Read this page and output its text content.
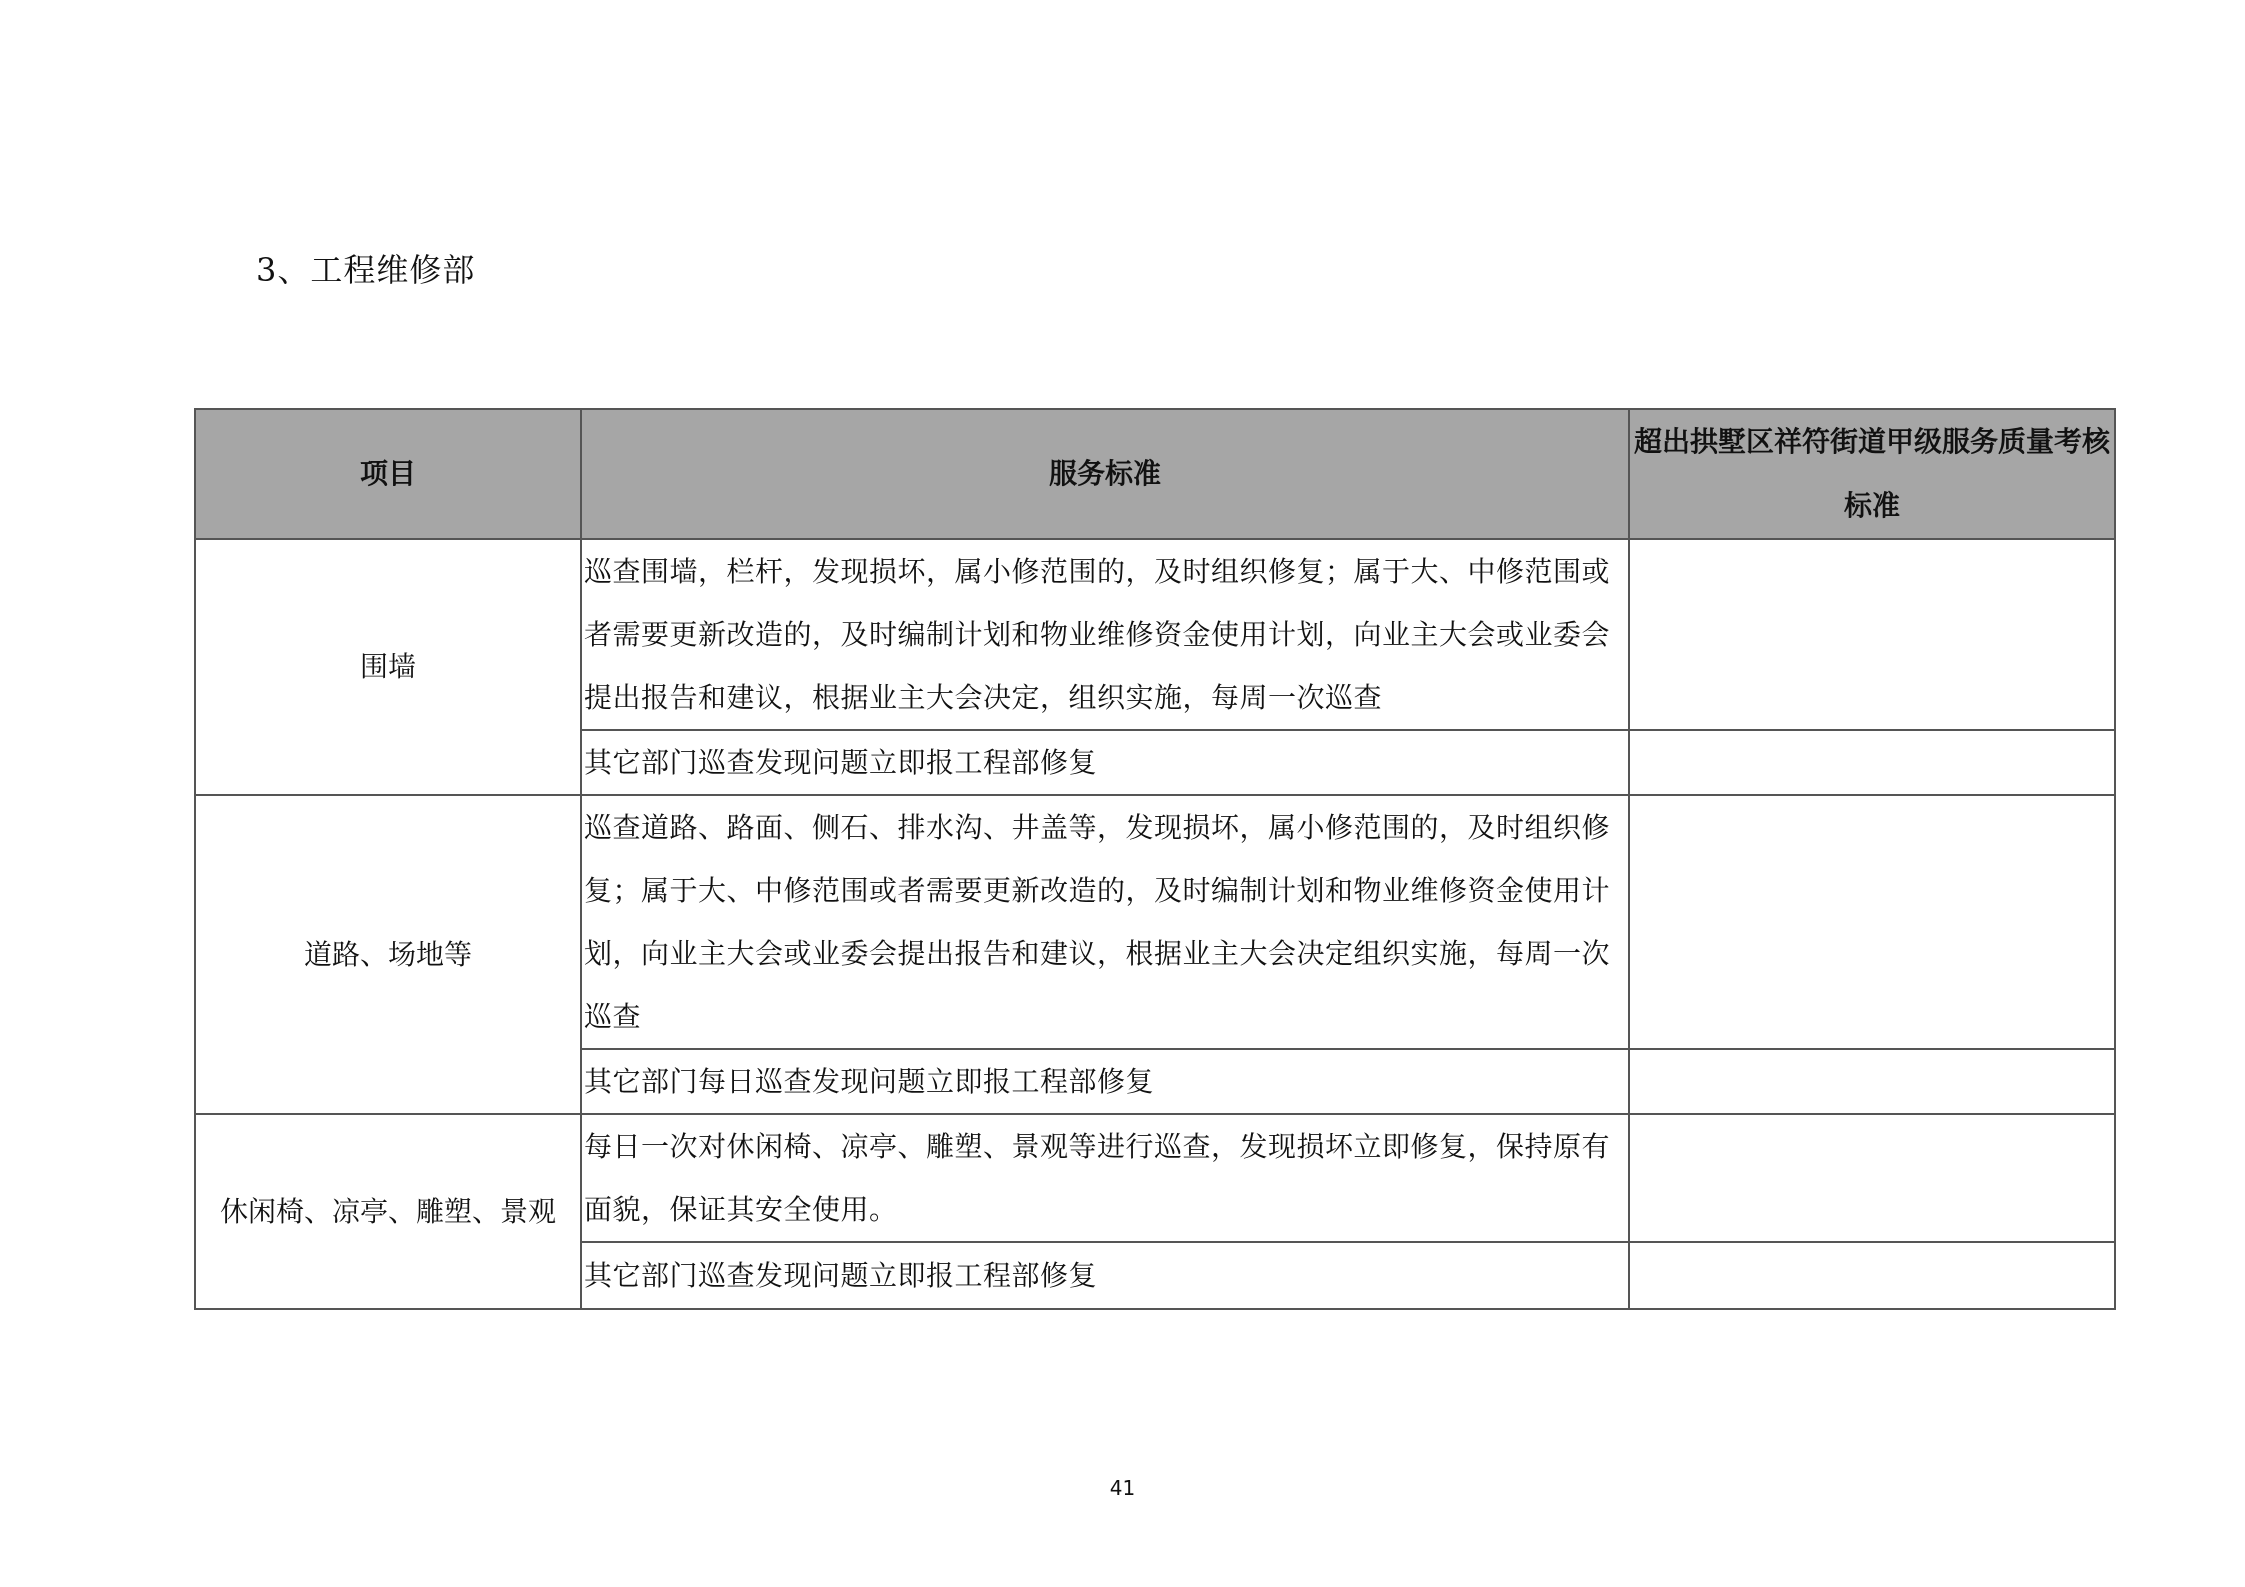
3、工程维修部
项目	服务标准	超出拱墅区祥符街道甲级服务质量考核标准
围墙	巡查围墙，栏杆，发现损坏，属小修范围的，及时组织修复；属于大、中修范围或者需要更新改造的，及时编制计划和物业维修资金使用计划，向业主大会或业委会提出报告和建议，根据业主大会决定，组织实施，每周一次巡查	
	其它部门巡查发现问题立即报工程部修复	
道路、场地等	巡查道路、路面、侧石、排水沟、井盖等，发现损坏，属小修范围的，及时组织修复；属于大、中修范围或者需要更新改造的，及时编制计划和物业维修资金使用计划，向业主大会或业委会提出报告和建议，根据业主大会决定组织实施，每周一次巡查	
	其它部门每日巡查发现问题立即报工程部修复	
休闲椅、凉亭、雕塑、景观	每日一次对休闲椅、凉亭、雕塑、景观等进行巡查，发现损坏立即修复，保持原有面貌，保证其安全使用。	
	其它部门巡查发现问题立即报工程部修复	
41
